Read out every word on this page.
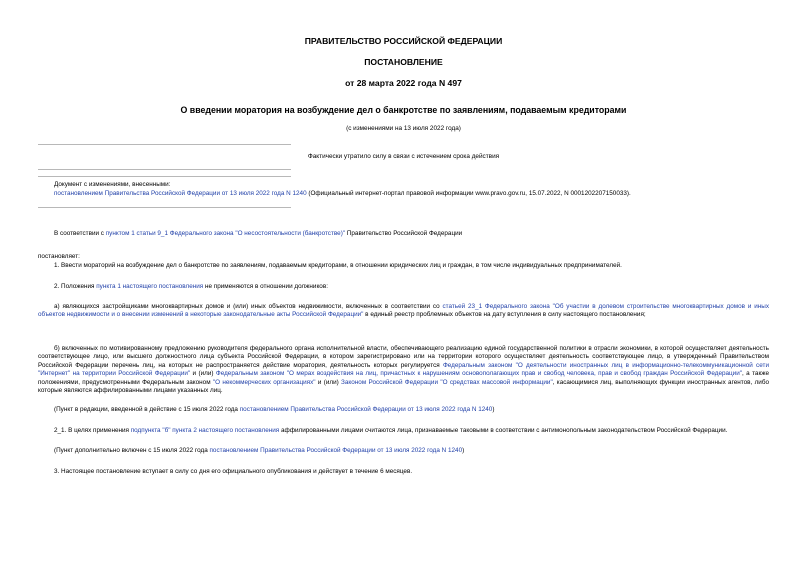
ПРАВИТЕЛЬСТВО РОССИЙСКОЙ ФЕДЕРАЦИИ
ПОСТАНОВЛЕНИЕ
от 28 марта 2022 года N 497
О введении моратория на возбуждение дел о банкротстве по заявлениям, подаваемым кредиторами
(с изменениями на 13 июля 2022 года)
Фактически утратило силу в связи с истечением срока действия
Документ с изменениями, внесенными:
постановлением Правительства Российской Федерации от 13 июля 2022 года N 1240 (Официальный интернет-портал правовой информации www.pravo.gov.ru, 15.07.2022, N 0001202207150033).
В соответствии с пунктом 1 статьи 9_1 Федерального закона "О несостоятельности (банкротстве)" Правительство Российской Федерации
постановляет:
1. Ввести мораторий на возбуждение дел о банкротстве по заявлениям, подаваемым кредиторами, в отношении юридических лиц и граждан, в том числе индивидуальных предпринимателей.
2. Положения пункта 1 настоящего постановления не применяются в отношении должников:
а) являющихся застройщиками многоквартирных домов и (или) иных объектов недвижимости, включенных в соответствии со статьей 23_1 Федерального закона "Об участии в долевом строительстве многоквартирных домов и иных объектов недвижимости и о внесении изменений в некоторые законодательные акты Российской Федерации" в единый реестр проблемных объектов на дату вступления в силу настоящего постановления;
б) включенных по мотивированному предложению руководителя федерального органа исполнительной власти, обеспечивающего реализацию единой государственной политики в отрасли экономики, в которой осуществляет деятельность соответствующее лицо, или высшего должностного лица субъекта Российской Федерации, в котором зарегистрировано или на территории которого осуществляет деятельность соответствующее лицо, в утвержденный Правительством Российской Федерации перечень лиц, на которых не распространяется действие моратория, деятельность которых регулируется Федеральным законом "О деятельности иностранных лиц в информационно-телекоммуникационной сети "Интернет" на территории Российской Федерации" и (или) Федеральным законом "О мерах воздействия на лиц, причастных к нарушениям основополагающих прав и свобод человека, прав и свобод граждан Российской Федерации", а также положениями, предусмотренными Федеральным законом "О некоммерческих организациях" и (или) Законом Российской Федерации "О средствах массовой информации", касающимися лиц, выполняющих функции иностранных агентов, либо которые являются аффилированными лицами указанных лиц.
(Пункт в редакции, введенной в действие с 15 июля 2022 года постановлением Правительства Российской Федерации от 13 июля 2022 года N 1240)
2_1. В целях применения подпункта "б" пункта 2 настоящего постановления аффилированными лицами считаются лица, признаваемые таковыми в соответствии с антимонопольным законодательством Российской Федерации.
(Пункт дополнительно включен с 15 июля 2022 года постановлением Правительства Российской Федерации от 13 июля 2022 года N 1240)
3. Настоящее постановление вступает в силу со дня его официального опубликования и действует в течение 6 месяцев.
